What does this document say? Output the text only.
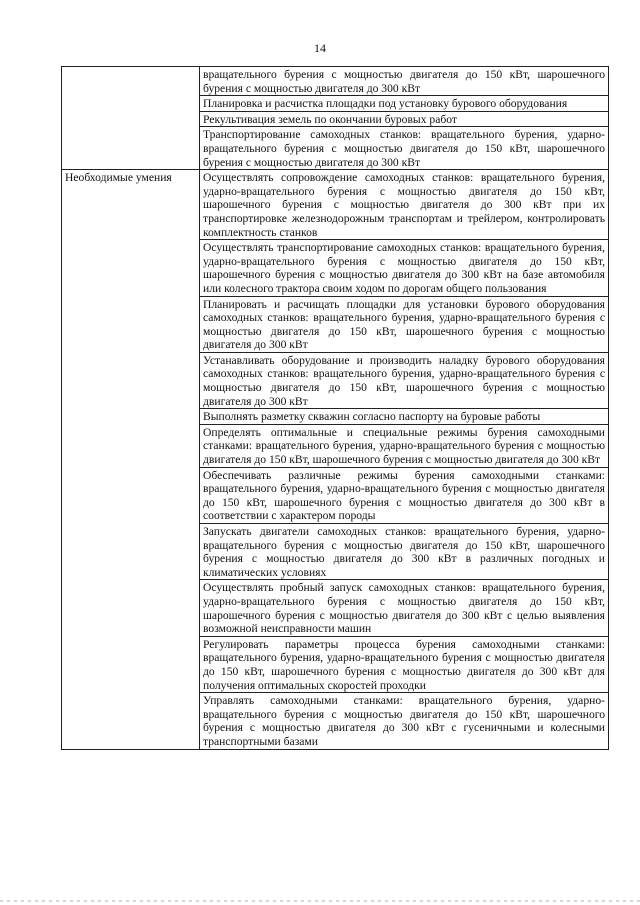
14
	вращательного бурения с мощностью двигателя до 150 кВт, шарошечного бурения с мощностью двигателя до 300 кВт
	Планировка и расчистка площадки под установку бурового оборудования
	Рекультивация земель по окончании буровых работ
	Транспортирование самоходных станков: вращательного бурения, ударно-вращательного бурения с мощностью двигателя до 150 кВт, шарошечного бурения с мощностью двигателя до 300 кВт
Необходимые умения	Осуществлять сопровождение самоходных станков: вращательного бурения, ударно-вращательного бурения с мощностью двигателя до 150 кВт, шарошечного бурения с мощностью двигателя до 300 кВт при их транспортировке железнодорожным транспортам и трейлером, контролировать комплектность станков
	Осуществлять транспортирование самоходных станков: вращательного бурения, ударно-вращательного бурения с мощностью двигателя до 150 кВт, шарошечного бурения с мощностью двигателя до 300 кВт на базе автомобиля или колесного трактора своим ходом по дорогам общего пользования
	Планировать и расчищать площадки для установки бурового оборудования самоходных станков: вращательного бурения, ударно-вращательного бурения с мощностью двигателя до 150 кВт, шарошечного бурения с мощностью двигателя до 300 кВт
	Устанавливать оборудование и производить наладку бурового оборудования самоходных станков: вращательного бурения, ударно-вращательного бурения с мощностью двигателя до 150 кВт, шарошечного бурения с мощностью двигателя до 300 кВт
	Выполнять разметку скважин согласно паспорту на буровые работы
	Определять оптимальные и специальные режимы бурения самоходными станками: вращательного бурения, ударно-вращательного бурения с мощностью двигателя до 150 кВт, шарошечного бурения с мощностью двигателя до 300 кВт
	Обеспечивать различные режимы бурения самоходными станками: вращательного бурения, ударно-вращательного бурения с мощностью двигателя до 150 кВт, шарошечного бурения с мощностью двигателя до 300 кВт в соответствии с характером породы
	Запускать двигатели самоходных станков: вращательного бурения, ударно-вращательного бурения с мощностью двигателя до 150 кВт, шарошечного бурения с мощностью двигателя до 300 кВт в различных погодных и климатических условиях
	Осуществлять пробный запуск самоходных станков: вращательного бурения, ударно-вращательного бурения с мощностью двигателя до 150 кВт, шарошечного бурения с мощностью двигателя до 300 кВт с целью выявления возможной неисправности машин
	Регулировать параметры процесса бурения самоходными станками: вращательного бурения, ударно-вращательного бурения с мощностью двигателя до 150 кВт, шарошечного бурения с мощностью двигателя до 300 кВт для получения оптимальных скоростей проходки
	Управлять самоходными станками: вращательного бурения, ударно-вращательного бурения с мощностью двигателя до 150 кВт, шарошечного бурения с мощностью двигателя до 300 кВт с гусеничными и колесными транспортными базами
